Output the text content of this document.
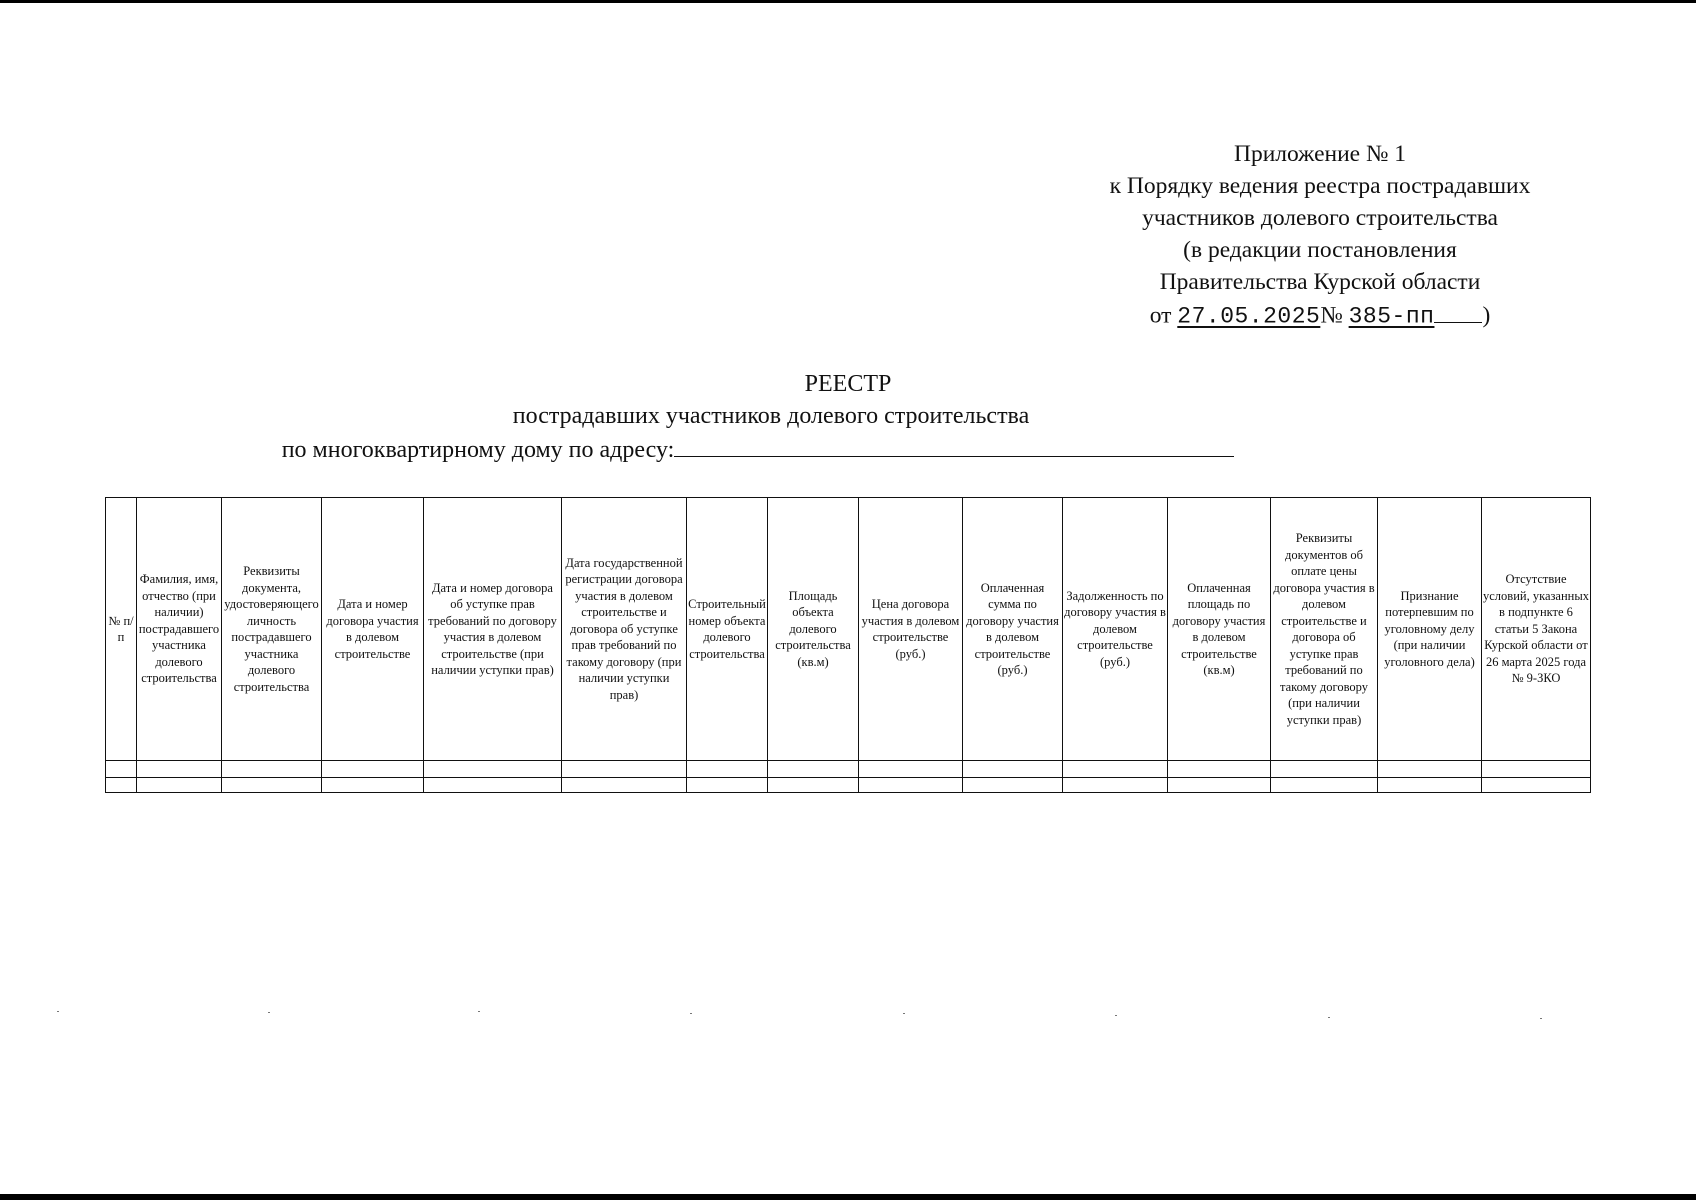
Приложение № 1
к Порядку ведения реестра пострадавших
участников долевого строительства
(в редакции постановления
Правительства Курской области
от 27.05.2025№ 385-пп )
РЕЕСТР
пострадавших участников долевого строительства
по многоквартирному дому по адресу:
№ п/п	Фамилия, имя, отчество (при наличии) пострадавшего участника долевого строительства	Реквизиты документа, удостоверяющего личность пострадавшего участника долевого строительства	Дата и номер договора участия в долевом строительстве	Дата и номер договора об уступке прав требований по договору участия в долевом строительстве (при наличии уступки прав)	Дата государственной регистрации договора участия в долевом строительстве и договора об уступке прав требований по такому договору (при наличии уступки прав)	Строительный номер объекта долевого строительства	Площадь объекта долевого строительства (кв.м)	Цена договора участия в долевом строительстве (руб.)	Оплаченная сумма по договору участия в долевом строительстве (руб.)	Задолженность по договору участия в долевом строительстве (руб.)	Оплаченная площадь по договору участия в долевом строительстве (кв.м)	Реквизиты документов об оплате цены договора участия в долевом строительстве и договора об уступке прав требований по такому договору (при наличии уступки прав)	Признание потерпевшим по уголовному делу (при наличии уголовного дела)	Отсутствие условий, указанных в подпункте 6 статьи 5 Закона Курской области от 26 марта 2025 года № 9-ЗКО
